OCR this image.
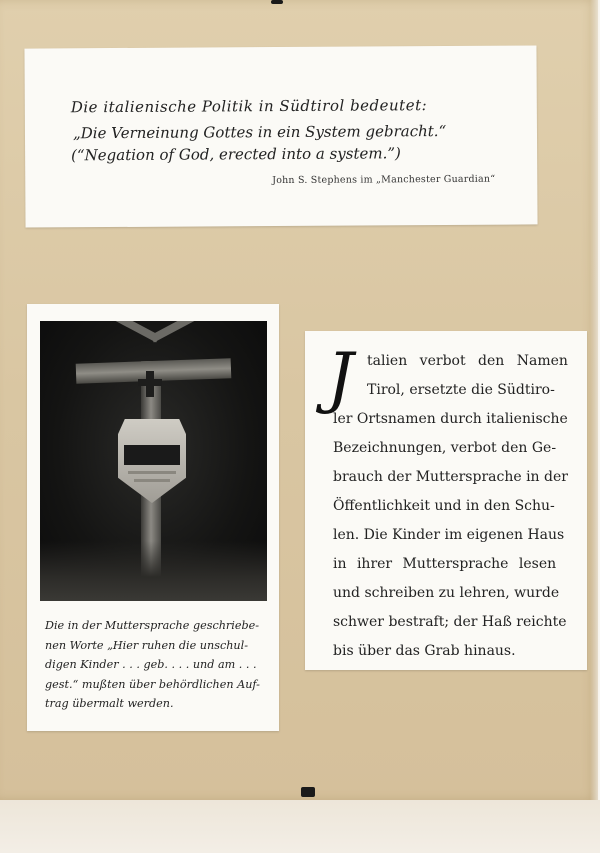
Die italienische Politik in Südtirol bedeutet:
„Die Verneinung Gottes in ein System gebracht.“
(“Negation of God, erected into a system.”)
John S. Stephens im „Manchester Guardian“
Die in der Muttersprache geschriebe-
nen Worte „Hier ruhen die unschul-
digen Kinder . . . geb. . . . und am . . .
gest.“ mußten über behördlichen Auf-
trag übermalt werden.
J talien verbot den Namen
Tirol, ersetzte die Südtiro-
ler Ortsnamen durch italienische
Bezeichnungen, verbot den Ge-
brauch der Muttersprache in der
Öffentlichkeit und in den Schu-
len. Die Kinder im eigenen Haus
in ihrer Muttersprache lesen
und schreiben zu lehren, wurde
schwer bestraft; der Haß reichte
bis über das Grab hinaus.
